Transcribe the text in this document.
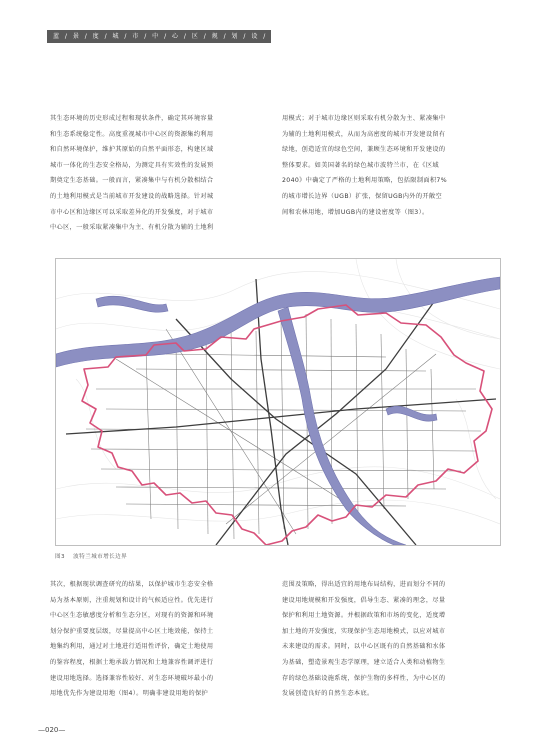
蓝 / 景 / 度 / 城 / 市 / 中 / 心 / 区 / 规 / 划 / 设 / 计

其生态环境的历史形成过程和现状条件，确定其环境容量

和生态系统稳定性。高度重视城市中心区的资源集约利用

和自然环境保护，维护其原始的自然平面形态，构建区域

城市一体化的生态安全格局，为测定具有实效性的发展预

期奠定生态基础。一般而言，紧凑集中与有机分散相结合

的土地利用模式是当前城市开发建设的战略选择。针对城

市中心区和边缘区可以采取差异化的开发强度，对于城市

中心区，一般采取紧凑集中为主、有机分散为辅的土地利

用模式；对于城市边缘区则采取有机分散为主、紧凑集中

为辅的土地利用模式，从而为高密度的城市开发建设留有

绿地，创造适宜的绿色空间，兼顾生态环境和开发建设的

整体要求。如美国著名的绿色城市波特兰市，在《区域

2040》中确定了严格的土地利用策略，包括限制面积7%

的城市增长边界（UGB）扩张，保留UGB内外的开敞空

间和农林用地，增加UGB内的建设密度等（图3）。

图3 波特兰城市增长边界

其次，根据现状调查研究的结果，以保护城市生态安全格

局为基本原则，注重规划和设计的气候适应性。优先进行

中心区生态敏感度分析和生态分区，对现有的资源和环境

划分保护重要度层级，尽量提高中心区土地效能，保持土

地集约利用，通过对土地进行适用性评价，确定土地使用

的鉴容程度，根据土地承载力情况和土地兼容性调评进行

建设用地选择。选择兼容性较好、对生态环境破坏最小的

用地优先作为建设用地（图4）。明确非建设用地的保护

范围及策略，得出适宜的用地布局结构，进而划分不同的

建设用地规模和开发强度，倡导生态、紧凑的理念，尽量

保护和利用土地资源。并根据政策和市场的变化，适度增

加土地的开发强度，实现保护生态用地模式，以应对城市

未来建设的需求。同时，以中心区既有的自然基础和水体

为基础，塑造景观生态学原理，建立适合人类和动植物生

存的绿色基础设施系统，保护生物的多样性，为中心区的

发展创造良好的自然生态本底。

—020—
